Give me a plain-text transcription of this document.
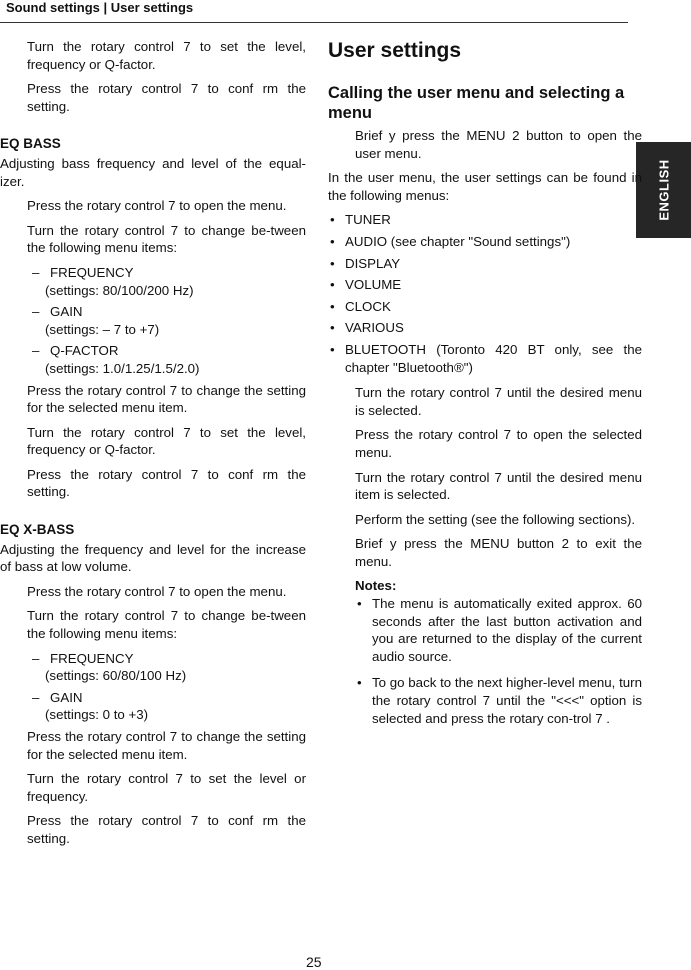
Sound settings | User settings
ENGLISH

Turn the rotary control 7 to set the level, frequency or Q-factor.

Press the rotary control 7 to conf rm the setting.

EQ BASS

Adjusting bass frequency and level of the equal-izer.

Press the rotary control 7 to open the menu.

Turn the rotary control 7 to change be-tween the following menu items:

– FREQUENCY
(settings: 80/100/200 Hz)
– GAIN
(settings: – 7 to +7)
– Q-FACTOR
(settings: 1.0/1.25/1.5/2.0)

Press the rotary control 7 to change the setting for the selected menu item.

Turn the rotary control 7 to set the level, frequency or Q-factor.

Press the rotary control 7 to conf rm the setting.

EQ X-BASS

Adjusting the frequency and level for the increase of bass at low volume.

Press the rotary control 7 to open the menu.

Turn the rotary control 7 to change be-tween the following menu items:

– FREQUENCY
(settings: 60/80/100 Hz)
– GAIN
(settings: 0 to +3)

Press the rotary control 7 to change the setting for the selected menu item.

Turn the rotary control 7 to set the level or frequency.

Press the rotary control 7 to conf rm the setting.

User settings
Calling the user menu and selecting a menu

Brief y press the MENU 2 button to open the user menu.

In the user menu, the user settings can be found in the following menus:

• TUNER
• AUDIO (see chapter "Sound settings")
• DISPLAY
• VOLUME
• CLOCK
• VARIOUS
• BLUETOOTH (Toronto 420 BT only, see the chapter "Bluetooth®")

Turn the rotary control 7 until the desired menu is selected.

Press the rotary control 7 to open the selected menu.

Turn the rotary control 7 until the desired menu item is selected.

Perform the setting (see the following sections).

Brief y press the MENU button 2 to exit the menu.

Notes:

• The menu is automatically exited approx. 60 seconds after the last button activation and you are returned to the display of the current audio source.
• To go back to the next higher-level menu, turn the rotary control 7 until the "<<<" option is selected and press the rotary con-trol 7 .
25
